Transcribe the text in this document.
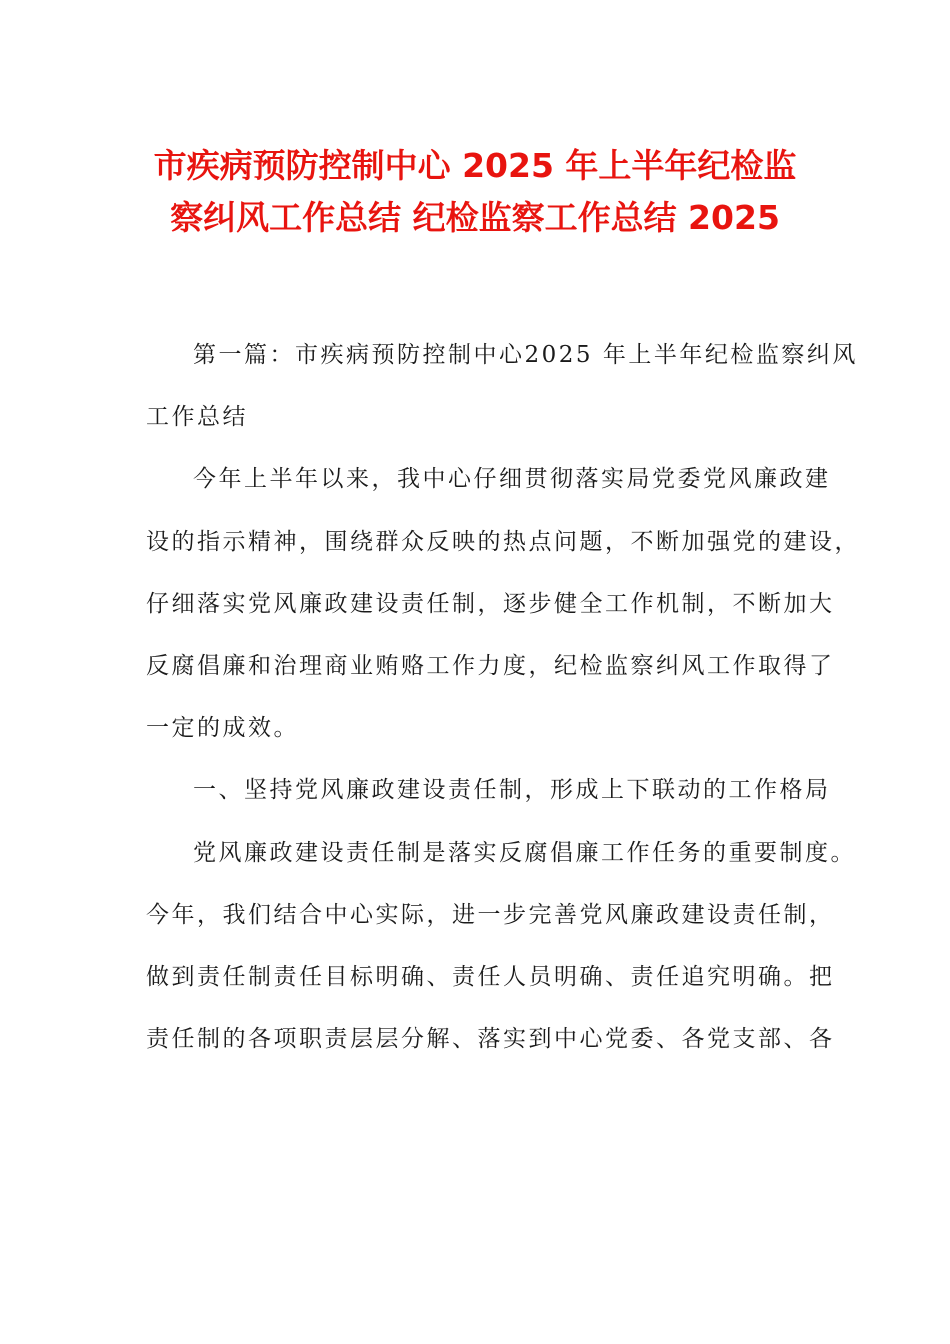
市疾病预防控制中心 2025 年上半年纪检监
察纠风工作总结 纪检监察工作总结 2025
第一篇：市疾病预防控制中心2025 年上半年纪检监察纠风
工作总结
今年上半年以来，我中心仔细贯彻落实局党委党风廉政建
设的指示精神，围绕群众反映的热点问题，不断加强党的建设，
仔细落实党风廉政建设责任制，逐步健全工作机制，不断加大
反腐倡廉和治理商业贿赂工作力度，纪检监察纠风工作取得了
一定的成效。
一、坚持党风廉政建设责任制，形成上下联动的工作格局
党风廉政建设责任制是落实反腐倡廉工作任务的重要制度。
今年，我们结合中心实际，进一步完善党风廉政建设责任制，
做到责任制责任目标明确、责任人员明确、责任追究明确。把
责任制的各项职责层层分解、落实到中心党委、各党支部、各
